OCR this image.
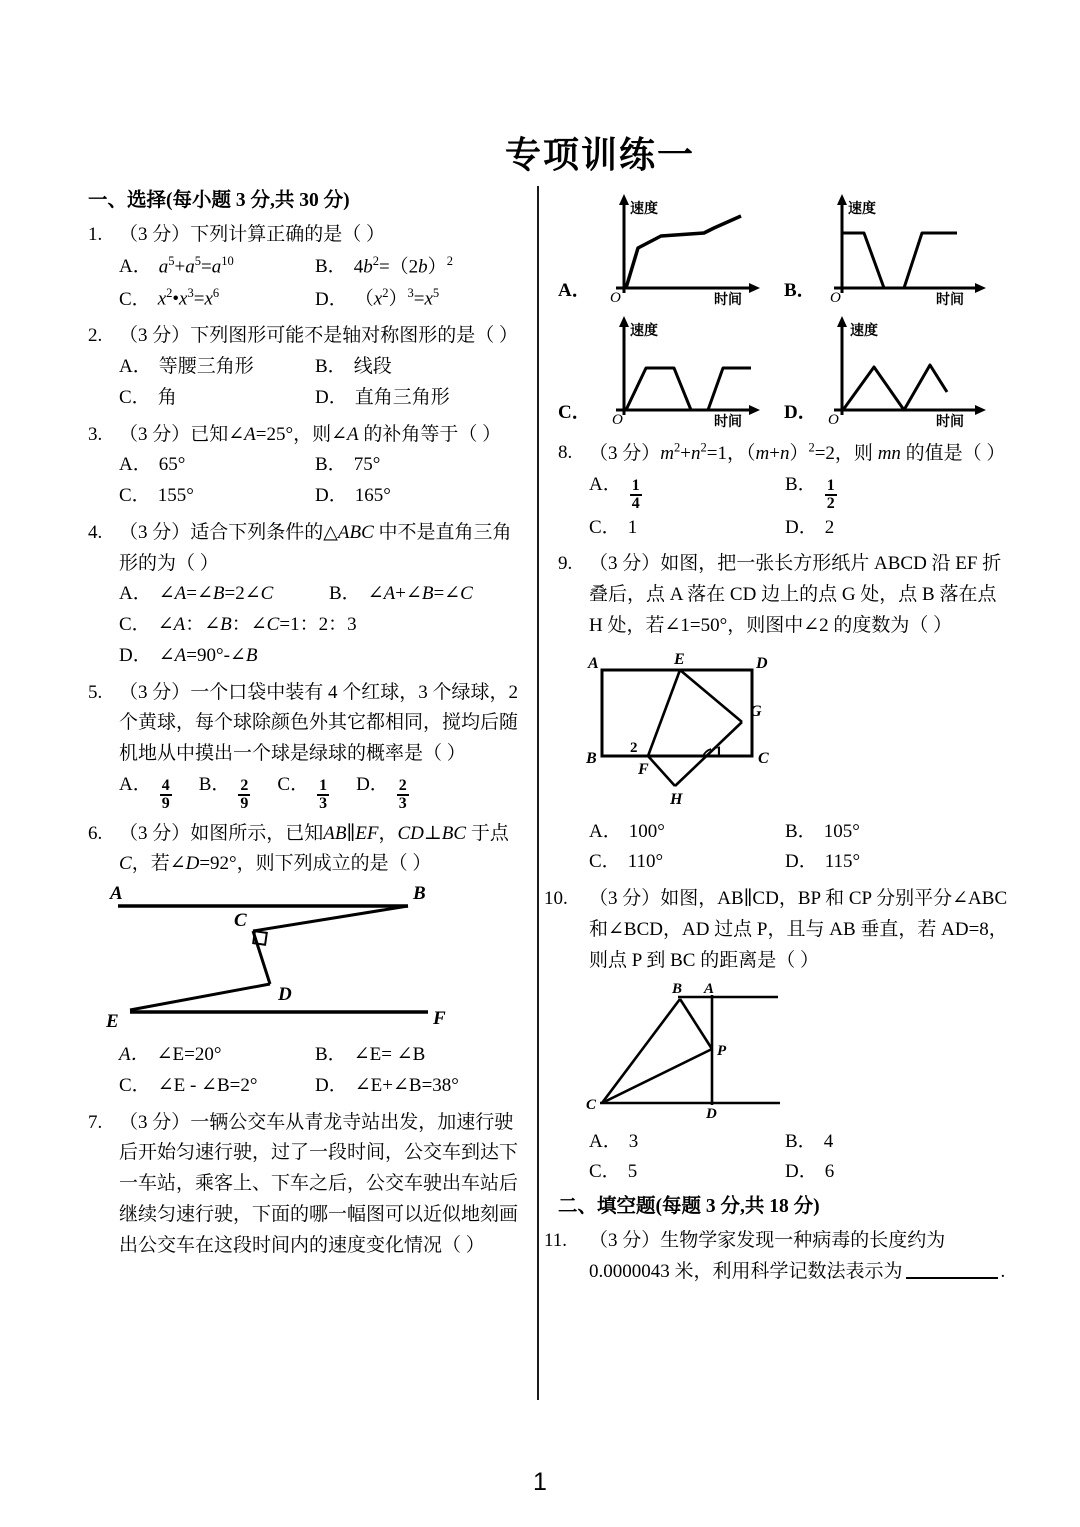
专项训练一
一、选择(每小题 3 分,共 30 分)
1. （3 分）下列计算正确的是（ ）
A． $a^5+a^5=a^{10}$	B． $4b^2=(2b)^2$
C． $x^2•x^3=x^6$	D． $(x^2)^3=x^5$
2. （3 分）下列图形可能不是轴对称图形的是（ ）
A． 等腰三角形	B． 线段
C． 角	D． 直角三角形
3. （3 分）已知∠A=25°，则∠A 的补角等于（ ）
A． 65°	B． 75°
C． 155°	D． 165°
4. （3 分）适合下列条件的△ABC 中不是直角三角形的为（ ）
A． ∠A=∠B=2∠C	B． ∠A+∠B=∠C
C． ∠A：∠B：∠C=1：2：3
D． ∠A=90°‑∠B
5. （3 分）一个口袋中装有 4 个红球，3 个绿球，2 个黄球，每个球除颜色外其它都相同，搅均后随机地从中摸出一个球是绿球的概率是（ ）
A． $\frac{4}{9}$ B． $\frac{2}{9}$ C． $\frac{1}{3}$ D． $\frac{2}{3}$
6. （3 分）如图所示，已知AB∥EF，CD⊥BC 于点 C，若∠D=92°，则下列成立的是（ ）
A	B
C
D
E	F
A． ∠E=20°	B． ∠E= ∠B
C． ∠E - ∠B=2°	D． ∠E+∠B=38°
7. （3 分）一辆公交车从青龙寺站出发，加速行驶后开始匀速行驶，过了一段时间，公交车到达下一车站，乘客上、下车之后，公交车驶出车站后继续匀速行驶，下面的哪一幅图可以近似地刻画出公交车在这段时间内的速度变化情况（ ）
A．
速度
时间
O	B．
速度
时间
O
C．
速度
时间
O	D．
速度
时间
O
8. （3 分）$m^2+n^2=1$，$(m+n)^2=2$，则 mn 的值是（ ）
A． $\frac{1}{4}$	B． $\frac{1}{2}$
C． 1	D． 2
9. （3 分）如图，把一张长方形纸片 ABCD 沿 EF 折叠后，点 A 落在 CD 边上的点 G 处，点 B 落在点 H 处，若∠1=50°，则图中∠2 的度数为（ ）
A	D
B	C
E
F
G
H
2	1
A． 100°	B． 105°
C． 110°	D． 115°
10. （3 分）如图，AB∥CD，BP 和 CP 分别平分∠ABC 和∠BCD，AD 过点 P，且与 AB 垂直，若 AD=8，则点 P 到 BC 的距离是（ ）
B A
P
C
D
A． 3	B． 4
C． 5	D． 6
二、填空题(每题 3 分,共 18 分)
11. （3 分）生物学家发现一种病毒的长度约为 0.0000043 米，利用科学记数法表示为	.
1
